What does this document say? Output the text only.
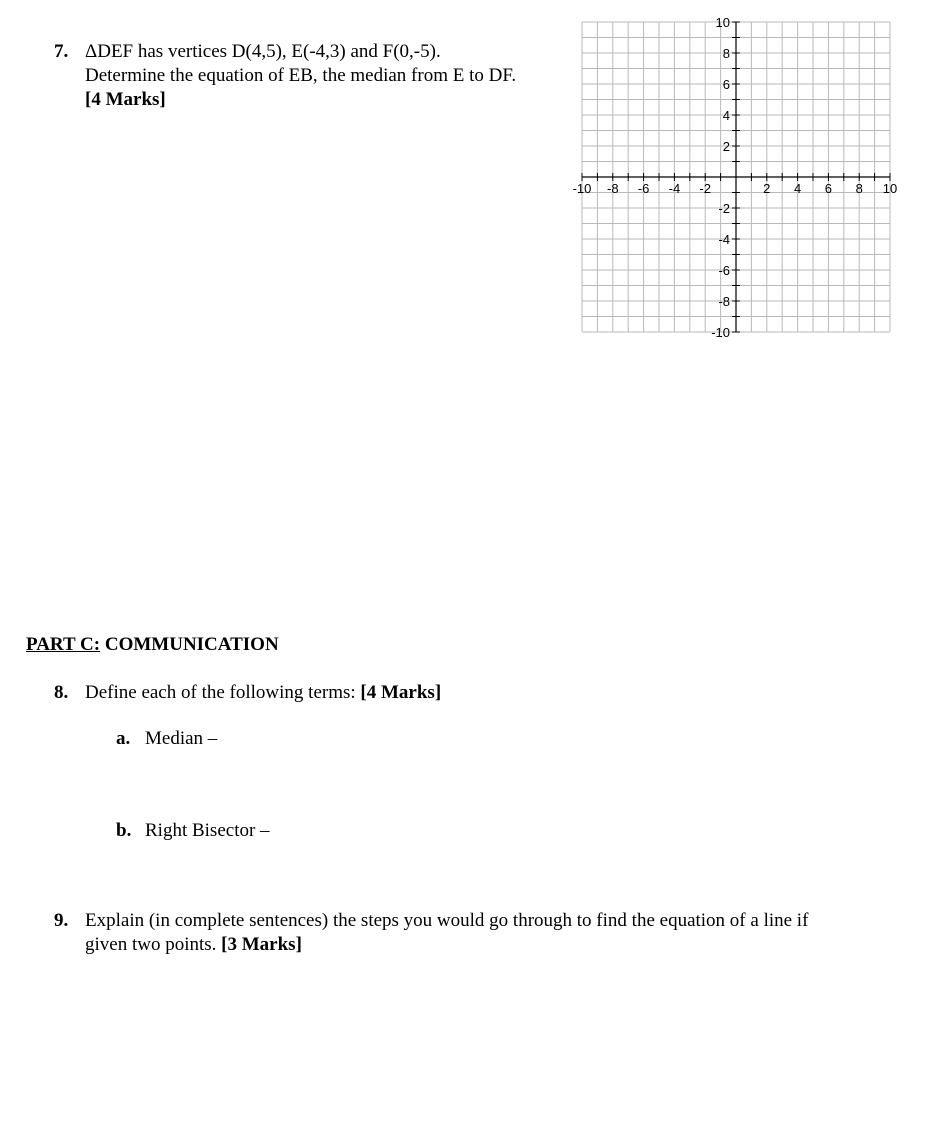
7. ΔDEF has vertices D(4,5), E(-4,3) and F(0,-5).
Determine the equation of EB, the median from E to DF.
[4 Marks]
-10 -8 -6 -4 -2	2 4 6 8 10
10
8
6
4
2
-2
-4
-6
-8
-10
PART C: COMMUNICATION
8. Define each of the following terms: [4 Marks]
a. Median –
b. Right Bisector –
9. Explain (in complete sentences) the steps you would go through to find the equation of a line if
given two points. [3 Marks]
